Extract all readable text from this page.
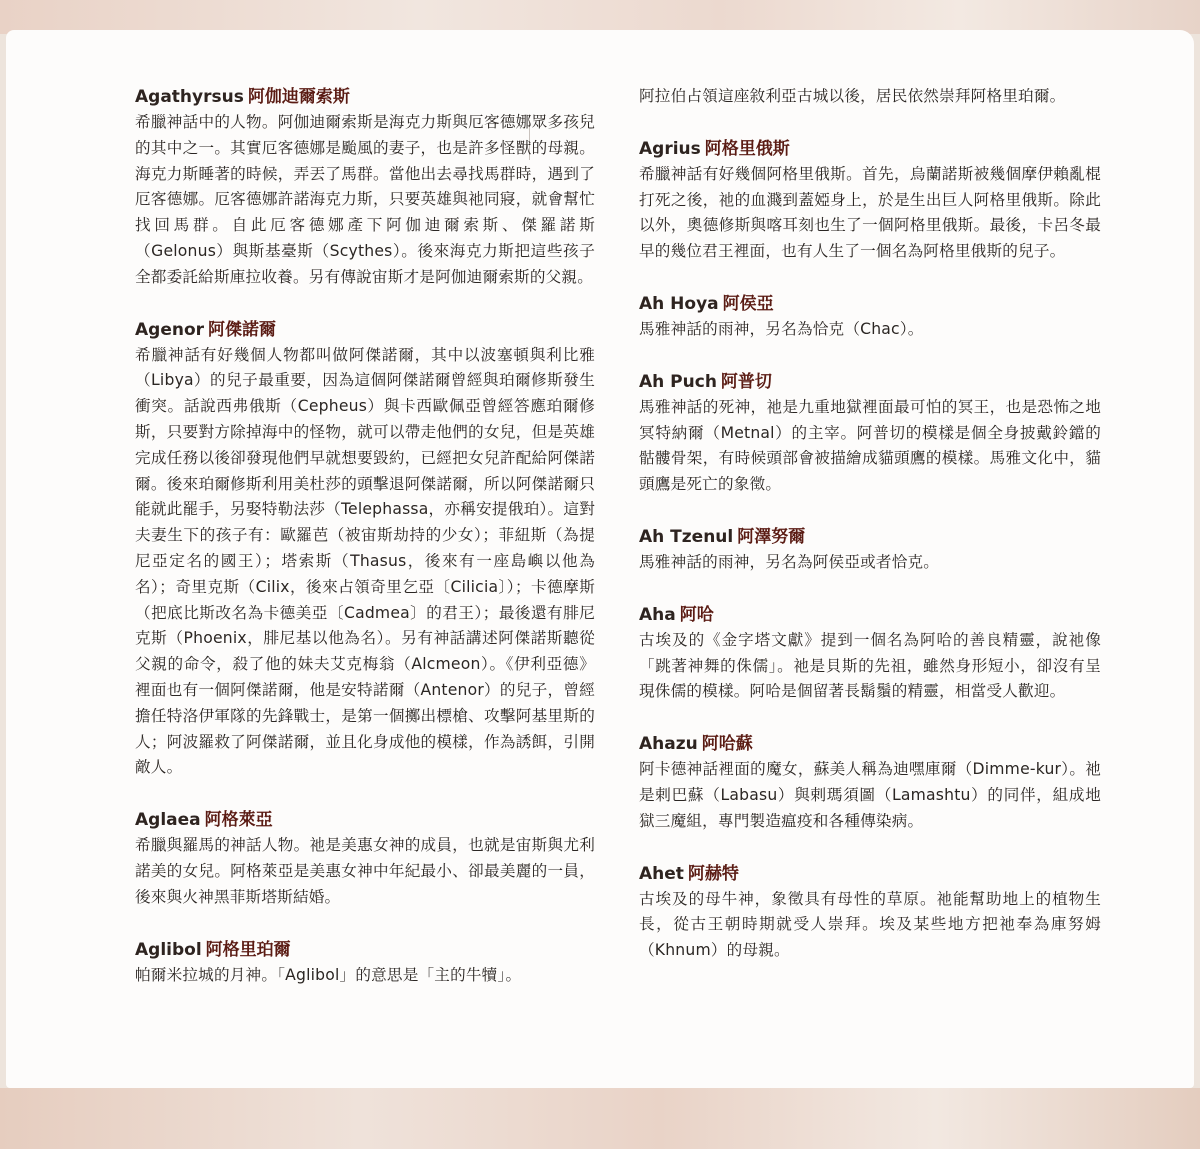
Agathyrsus 阿伽迪爾索斯
希臘神話中的人物。阿伽迪爾索斯是海克力斯與厄客德娜眾多孩兒的其中之一。其實厄客德娜是颱風的妻子，也是許多怪獸的母親。海克力斯睡著的時候，弄丟了馬群。當他出去尋找馬群時，遇到了厄客德娜。厄客德娜許諾海克力斯，只要英雄與祂同寢，就會幫忙找回馬群。自此厄客德娜產下阿伽迪爾索斯、傑羅諾斯（Gelonus）與斯基臺斯（Scythes）。後來海克力斯把這些孩子全都委託給斯庫拉收養。另有傳說宙斯才是阿伽迪爾索斯的父親。
Agenor 阿傑諾爾
希臘神話有好幾個人物都叫做阿傑諾爾，其中以波塞頓與利比雅（Libya）的兒子最重要，因為這個阿傑諾爾曾經與珀爾修斯發生衝突。話說西弗俄斯（Cepheus）與卡西歐佩亞曾經答應珀爾修斯，只要對方除掉海中的怪物，就可以帶走他們的女兒，但是英雄完成任務以後卻發現他們早就想要毀約，已經把女兒許配給阿傑諾爾。後來珀爾修斯利用美杜莎的頭擊退阿傑諾爾，所以阿傑諾爾只能就此罷手，另娶特勒法莎（Telephassa，亦稱安提俄珀）。這對夫妻生下的孩子有：歐羅芭（被宙斯劫持的少女）；菲紐斯（為提尼亞定名的國王）；塔索斯（Thasus，後來有一座島嶼以他為名）；奇里克斯（Cilix，後來占領奇里乞亞〔Cilicia〕）；卡德摩斯（把底比斯改名為卡德美亞〔Cadmea〕的君王）；最後還有腓尼克斯（Phoenix，腓尼基以他為名）。另有神話講述阿傑諾斯聽從父親的命令，殺了他的妹夫艾克梅翁（Alcmeon）。《伊利亞德》裡面也有一個阿傑諾爾，他是安特諾爾（Antenor）的兒子，曾經擔任特洛伊軍隊的先鋒戰士，是第一個擲出標槍、攻擊阿基里斯的人；阿波羅救了阿傑諾爾，並且化身成他的模樣，作為誘餌，引開敵人。
Aglaea 阿格萊亞
希臘與羅馬的神話人物。祂是美惠女神的成員，也就是宙斯與尤利諾美的女兒。阿格萊亞是美惠女神中年紀最小、卻最美麗的一員，後來與火神黑菲斯塔斯結婚。
Aglibol 阿格里珀爾
帕爾米拉城的月神。「Aglibol」的意思是「主的牛犢」。
阿拉伯占領這座敘利亞古城以後，居民依然崇拜阿格里珀爾。
Agrius 阿格里俄斯
希臘神話有好幾個阿格里俄斯。首先，烏蘭諾斯被幾個摩伊賴亂棍打死之後，祂的血濺到蓋婭身上，於是生出巨人阿格里俄斯。除此以外，奧德修斯與喀耳刻也生了一個阿格里俄斯。最後，卡呂冬最早的幾位君王裡面，也有人生了一個名為阿格里俄斯的兒子。
Ah Hoya 阿侯亞
馬雅神話的雨神，另名為恰克（Chac）。
Ah Puch 阿普切
馬雅神話的死神，祂是九重地獄裡面最可怕的冥王，也是恐怖之地冥特納爾（Metnal）的主宰。阿普切的模樣是個全身披戴鈴鐺的骷髏骨架，有時候頭部會被描繪成貓頭鷹的模樣。馬雅文化中，貓頭鷹是死亡的象徵。
Ah Tzenul 阿澤努爾
馬雅神話的雨神，另名為阿侯亞或者恰克。
Aha 阿哈
古埃及的《金字塔文獻》提到一個名為阿哈的善良精靈，說祂像「跳著神舞的侏儒」。祂是貝斯的先祖，雖然身形短小，卻沒有呈現侏儒的模樣。阿哈是個留著長鬍鬚的精靈，相當受人歡迎。
Ahazu 阿哈蘇
阿卡德神話裡面的魔女，蘇美人稱為迪嘿庫爾（Dimme-kur）。祂是剌巴蘇（Labasu）與剌瑪須圖（Lamashtu）的同伴，組成地獄三魔組，專門製造瘟疫和各種傳染病。
Ahet 阿赫特
古埃及的母牛神，象徵具有母性的草原。祂能幫助地上的植物生長，從古王朝時期就受人崇拜。埃及某些地方把祂奉為庫努姆（Khnum）的母親。
